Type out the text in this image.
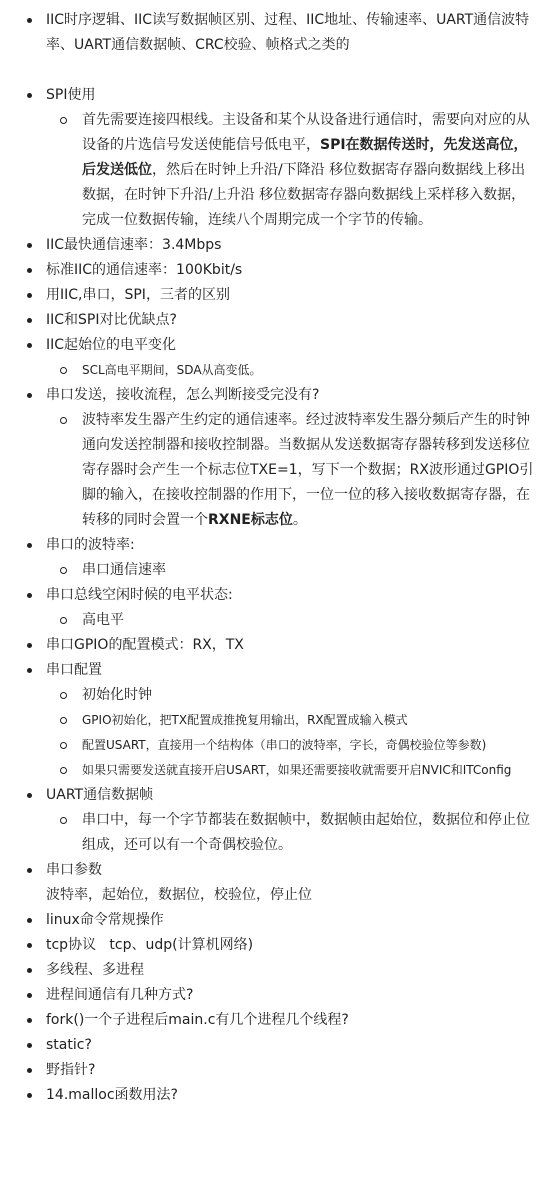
IIC时序逻辑、IIC读写数据帧区别、过程、IIC地址、传输速率、UART通信波特率、UART通信数据帧、CRC校验、帧格式之类的
SPI使用
首先需要连接四根线。主设备和某个从设备进行通信时，需要向对应的从设备的片选信号发送使能信号低电平，SPI在数据传送时，先发送高位，后发送低位，然后在时钟上升沿/下降沿 移位数据寄存器向数据线上移出数据，在时钟下升沿/上升沿 移位数据寄存器向数据线上采样移入数据，完成一位数据传输，连续八个周期完成一个字节的传输。
IIC最快通信速率：3.4Mbps
标准IIC的通信速率：100Kbit/s
用IIC,串口，SPI，三者的区别
IIC和SPI对比优缺点?
IIC起始位的电平变化
SCL高电平期间，SDA从高变低。
串口发送，接收流程，怎么判断接受完没有?
波特率发生器产生约定的通信速率。经过波特率发生器分频后产生的时钟通向发送控制器和接收控制器。当数据从发送数据寄存器转移到发送移位寄存器时会产生一个标志位TXE=1，写下一个数据；RX波形通过GPIO引脚的输入，在接收控制器的作用下，一位一位的移入接收数据寄存器，在转移的同时会置一个RXNE标志位。
串口的波特率:
串口通信速率
串口总线空闲时候的电平状态:
高电平
串口GPIO的配置模式：RX，TX
串口配置
初始化时钟
GPIO初始化，把TX配置成推挽复用输出，RX配置成输入模式
配置USART，直接用一个结构体（串口的波特率，字长，奇偶校验位等参数)
如果只需要发送就直接开启USART，如果还需要接收就需要开启NVIC和ITConfig
UART通信数据帧
串口中，每一个字节都装在数据帧中，数据帧由起始位，数据位和停止位组成，还可以有一个奇偶校验位。
串口参数
波特率，起始位，数据位，校验位，停止位
linux命令常规操作
tcp协议   tcp、udp(计算机网络)
多线程、多进程
进程间通信有几种方式?
fork()一个子进程后main.c有几个进程几个线程?
static?
野指针?
14.malloc函数用法?
